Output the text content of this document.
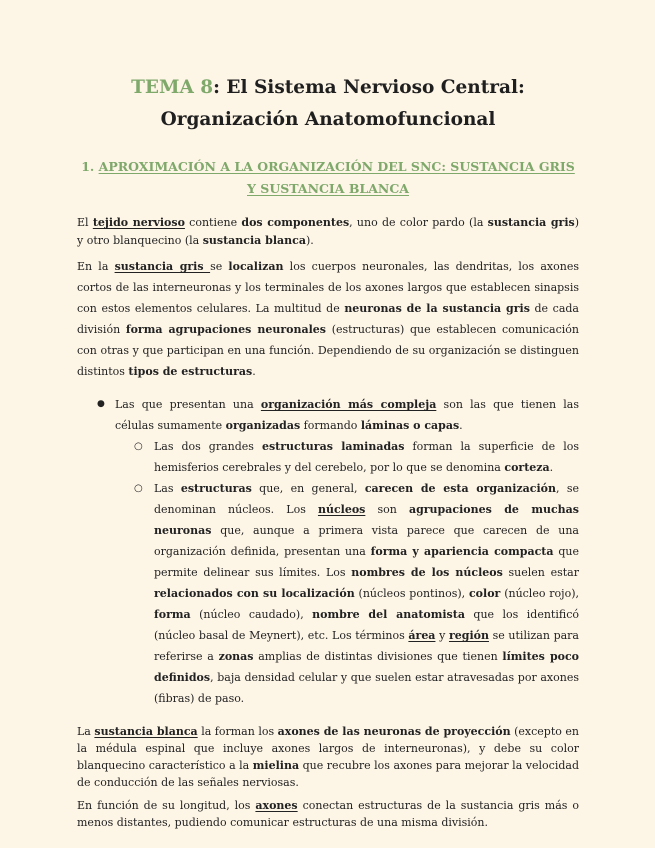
TEMA 8: El Sistema Nervioso Central: Organización Anatomofuncional
1. APROXIMACIÓN A LA ORGANIZACIÓN DEL SNC: SUSTANCIA GRIS Y SUSTANCIA BLANCA

El tejido nervioso contiene dos componentes, uno de color pardo (la sustancia gris) y otro blanquecino (la sustancia blanca).

En la sustancia gris se localizan los cuerpos neuronales, las dendritas, los axones cortos de las interneuronas y los terminales de los axones largos que establecen sinapsis con estos elementos celulares. La multitud de neuronas de la sustancia gris de cada división forma agrupaciones neuronales (estructuras) que establecen comunicación con otras y que participan en una función. Dependiendo de su organización se distinguen distintos tipos de estructuras.

● Las que presentan una organización más compleja son las que tienen las células sumamente organizadas formando láminas o capas.
○ Las dos grandes estructuras laminadas forman la superficie de los hemisferios cerebrales y del cerebelo, por lo que se denomina corteza.
○ Las estructuras que, en general, carecen de esta organización, se denominan núcleos. Los núcleos son agrupaciones de muchas neuronas que, aunque a primera vista parece que carecen de una organización definida, presentan una forma y apariencia compacta que permite delinear sus límites. Los nombres de los núcleos suelen estar relacionados con su localización (núcleos pontinos), color (núcleo rojo), forma (núcleo caudado), nombre del anatomista que los identificó (núcleo basal de Meynert), etc. Los términos área y región se utilizan para referirse a zonas amplias de distintas divisiones que tienen límites poco definidos, baja densidad celular y que suelen estar atravesadas por axones (fibras) de paso.

La sustancia blanca la forman los axones de las neuronas de proyección (excepto en la médula espinal que incluye axones largos de interneuronas), y debe su color blanquecino característico a la mielina que recubre los axones para mejorar la velocidad de conducción de las señales nerviosas.

En función de su longitud, los axones conectan estructuras de la sustancia gris más o menos distantes, pudiendo comunicar estructuras de una misma división.
